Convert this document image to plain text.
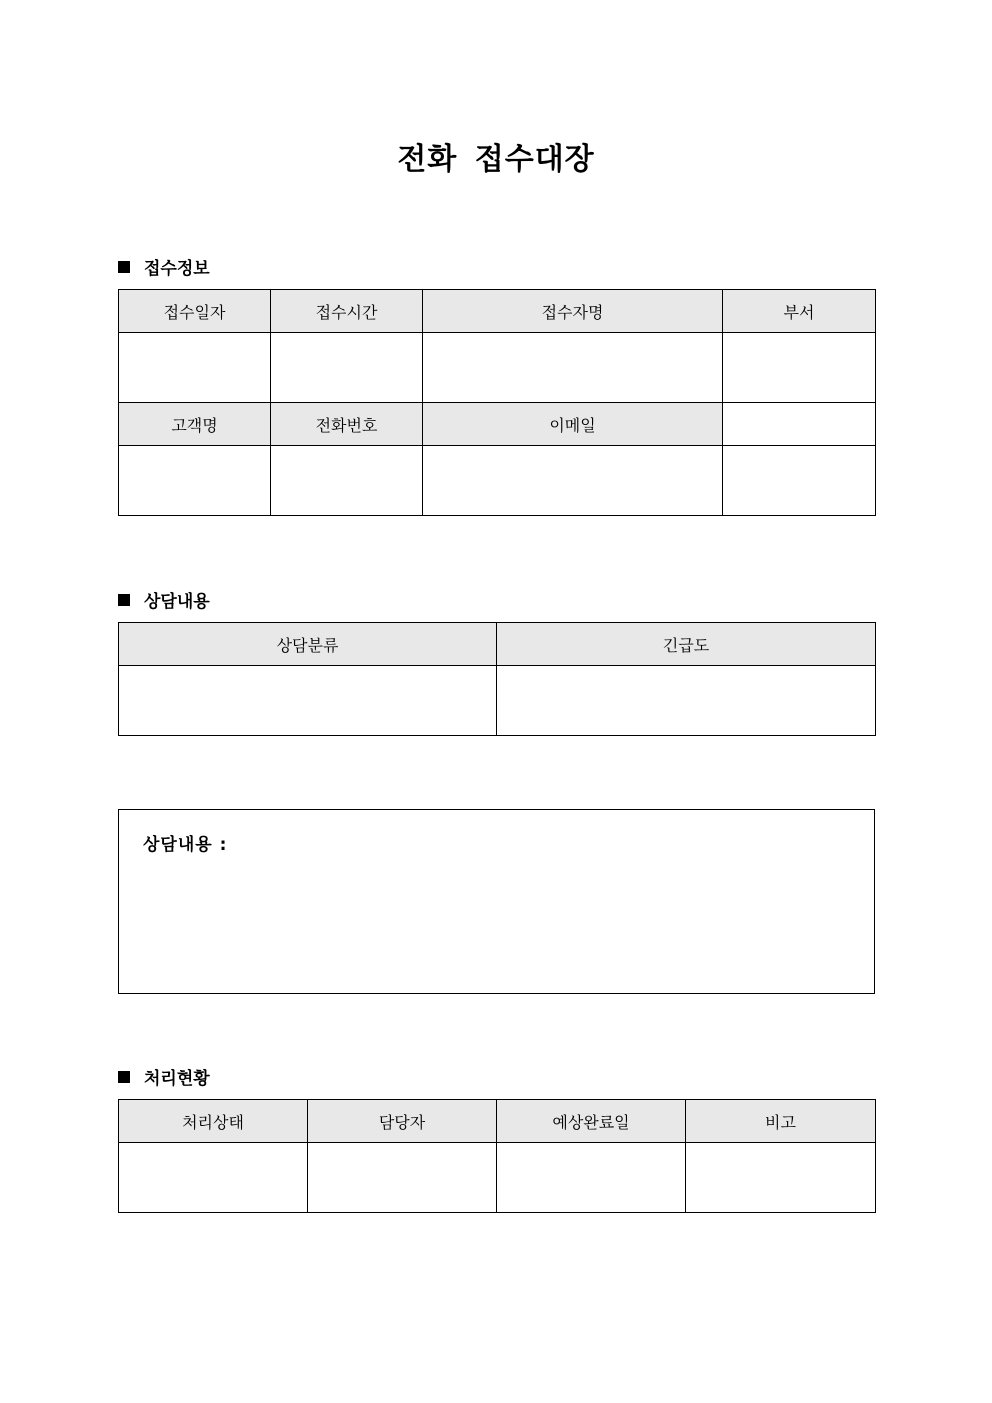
전화 접수대장
접수정보
접수일자	접수시간	접수자명	부서

고객명	전화번호	이메일	

상담내용
상담분류	긴급도

상담내용 :
처리현황
처리상태	담당자	예상완료일	비고
